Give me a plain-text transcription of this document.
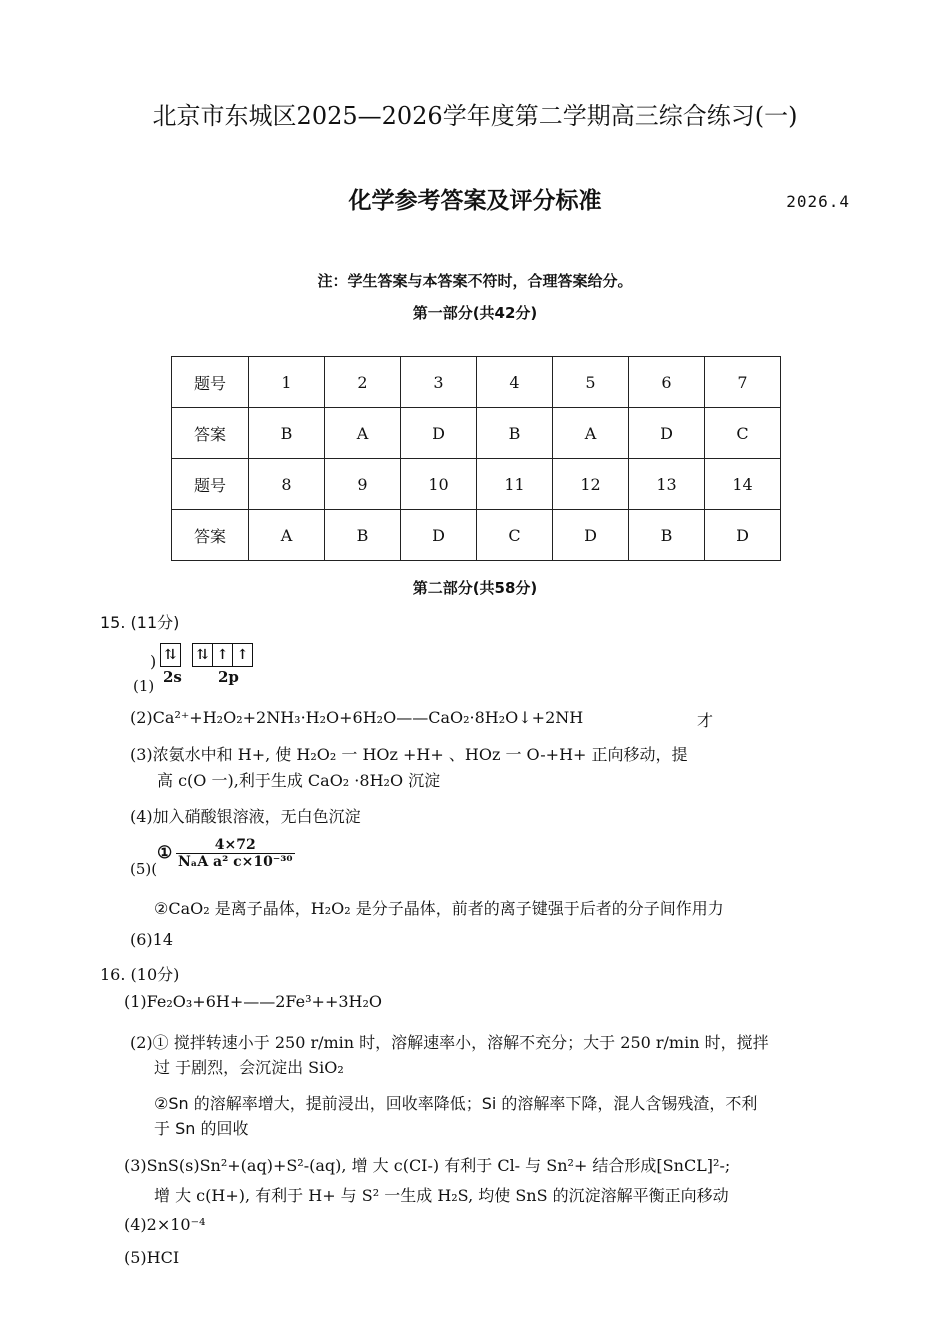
北京市东城区2025—2026学年度第二学期高三综合练习(一)
化学参考答案及评分标准	2026.4
注：学生答案与本答案不符时，合理答案给分。
第一部分(共42分)
题号	1	2	3	4	5	6	7
答案	B	A	D	B	A	D	C
题号	8	9	10	11	12	13	14
答案	A	B	D	C	D	B	D
第二部分(共58分)
15. (11分)
) ⇅ ⇅ ↑ ↑
2s 2p
(1)
(2)Ca²⁺+H₂O₂+2NH₃·H₂O+6H₂O——CaO₂·8H₂O↓+2NH	才
(3)浓氨水中和 H+, 使 H₂O₂ 一 HOz +H+ 、HOz 一 O-+H+ 正向移动，提
高 c(O 一),利于生成 CaO₂ ·8H₂O 沉淀
(4)加入硝酸银溶液，无白色沉淀
(5)(
①	4×72
NₐA a² c×10⁻³⁰
②CaO₂ 是离子晶体，H₂O₂ 是分子晶体，前者的离子键强于后者的分子间作用力
(6)14
16. (10分)
(1)Fe₂O₃+6H+——2Fe³++3H₂O
(2)① 搅拌转速小于 250 r/min 时，溶解速率小，溶解不充分；大于 250 r/min 时，搅拌
过 于剧烈，会沉淀出 SiO₂
②Sn 的溶解率增大，提前浸出，回收率降低；Si 的溶解率下降，混人含锡残渣，不利
于 Sn 的回收
(3)SnS(s)Sn²+(aq)+S²-(aq), 增 大 c(CI-) 有利于 Cl- 与 Sn²+ 结合形成[SnCL]²-;
增 大 c(H+), 有利于 H+ 与 S² 一生成 H₂S, 均使 SnS 的沉淀溶解平衡正向移动
(4)2×10⁻⁴
(5)HCI
